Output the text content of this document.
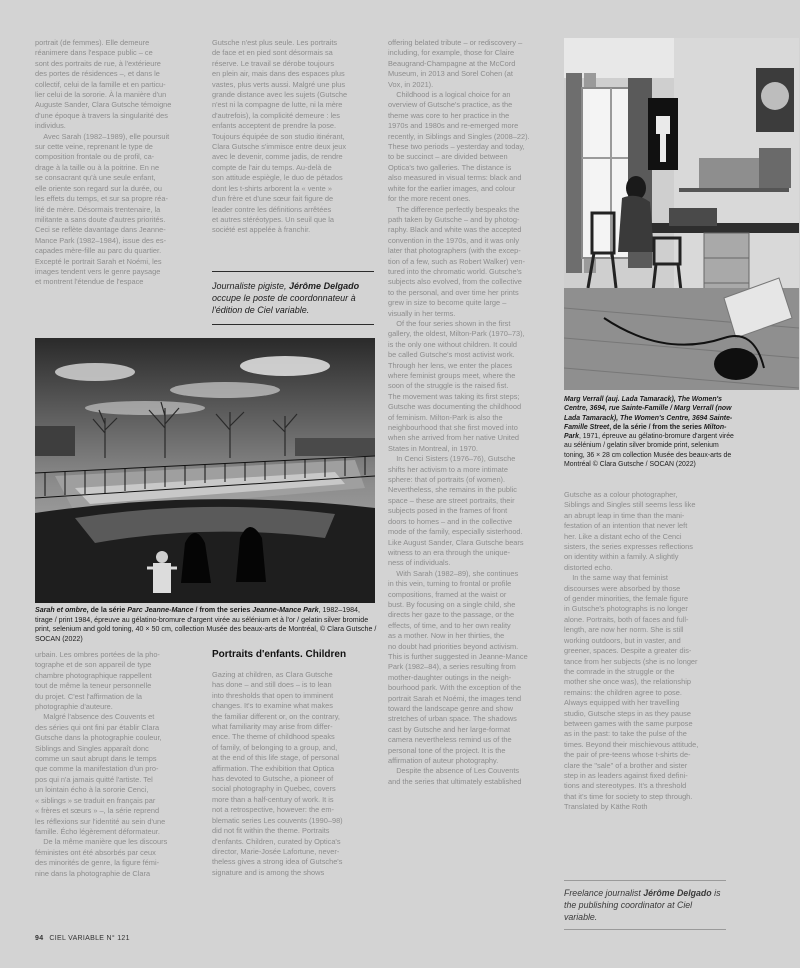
portrait (de femmes). Elle demeure
réanimere dans l'espace public – ce
sont des portraits de rue, à l'extérieure
des portes de résidences –, et dans le
collectif, celui de la famille et en particu-
lier celui de la sororie. À la manière d'un
Auguste Sander, Clara Gutsche témoigne
d'une époque à travers la singularité des
individus.
Avec Sarah (1982–1989), elle poursuit
sur cette veine, reprenant le type de
composition frontale ou de profil, ca-
drage à la taille ou à la poitrine. En ne
se consacrant qu'à une seule enfant,
elle oriente son regard sur la durée, ou
les effets du temps, et sur sa propre réa-
lité de mère. Désormais trentenaire, la
militante a sans doute d'autres priorités.
Ceci se reflète davantage dans Jeanne-
Mance Park (1982–1984), issue des es-
capades mère-fille au parc du quartier.
Excepté le portrait Sarah et Noémi, les
images tendent vers le genre paysage
et montrent l'étendue de l'espace

Gutsche n'est plus seule. Les portraits
de face et en pied sont désormais sa
réserve. Le travail se dérobe toujours
en plein air, mais dans des espaces plus
vastes, plus verts aussi. Malgré une plus
grande distance avec les sujets (Gutsche
n'est ni la compagne de lutte, ni la mère
d'autrefois), la complicité demeure : les
enfants acceptent de prendre la pose.
Toujours équipée de son studio itinérant,
Clara Gutsche s'immisce entre deux jeux
avec le devenir, comme jadis, de rendre
compte de l'air du temps. Au-delà de
son attitude espiègle, le duo de pétados
dont les t-shirts arborent la « vente »
d'un frère et d'une sœur fait figure de
leader contre les définitions arrêtées
et autres stéréotypes. Un seuil que la
société est appelée à franchir.

Journaliste pigiste, Jérôme Delgado occupe le poste de coordonnateur à l'édition de Ciel variable.

offering belated tribute – or rediscovery –
including, for example, those for Claire
Beaugrand-Champagne at the McCord
Museum, in 2013 and Sorel Cohen (at
Vox, in 2021).
Childhood is a logical choice for an
overview of Gutsche's practice, as the
theme was core to her practice in the
1970s and 1980s and re-emerged more
recently, in Siblings and Singles (2008–22).
These two periods – yesterday and today,
to be succinct – are divided between
Optica's two galleries. The distance is
also measured in visual terms: black and
white for the earlier images, and colour
for the more recent ones.
The difference perfectly bespeaks the
path taken by Gutsche – and by photog-
raphy. Black and white was the accepted
convention in the 1970s, and it was only
later that photographers (with the excep-
tion of a few, such as Robert Walker) ven-
tured into the chromatic world. Gutsche's
subjects also evolved, from the collective
to the personal, and over time her prints
grew in size to become quite large –
visually in her terms.
Of the four series shown in the first
gallery, the oldest, Milton-Park (1970–73),
is the only one without children. It could
be called Gutsche's most activist work.
Through her lens, we enter the places
where feminist groups meet, where the
soon of the struggle is the raised fist.
The movement was taking its first steps;
Gutsche was documenting the childhood
of feminism. Milton-Park is also the
neighbourhood that she first moved into
when she arrived from her native United
States in Montreal, in 1970.
In Cenci Sisters (1976–76), Gutsche
shifts her activism to a more intimate
sphere: that of portraits (of women).
Nevertheless, she remains in the public
space – these are street portraits, their
subjects posed in the frames of front
doors to homes – and in the collective
mode of the family, especially sisterhood.
Like August Sander, Clara Gutsche bears
witness to an era through the unique-
ness of individuals.
With Sarah (1982–89), she continues
in this vein, turning to frontal or profile
compositions, framed at the waist or
bust. By focusing on a single child, she
directs her gaze to the passage, or the
effects, of time, and to her own reality
as a mother. Now in her thirties, the
no doubt had priorities beyond activism.
This is further suggested in Jeanne-Mance
Park (1982–84), a series resulting from
mother-daughter outings in the neigh-
bourhood park. With the exception of the
portrait Sarah et Noémi, the images tend
toward the landscape genre and show
stretches of urban space. The shadows
cast by Gutsche and her large-format
camera nevertheless remind us of the
personal tone of the project. It is the
affirmation of auteur photography.
Despite the absence of Les Couvents
and the series that ultimately established

Marg Verrall (auj. Lada Tamarack), The Women's Centre, 3694, rue Sainte-Famille / Marg Verrall (now Lada Tamarack), The Women's Centre, 3694 Sainte-Famille Street, de la série / from the series Milton-Park, 1971, épreuve au gélatino-bromure d'argent virée au sélénium / gelatin silver bromide print, selenium toning, 36 × 28 cm collection Musée des beaux-arts de Montréal © Clara Gutsche / SOCAN (2022)
Sarah et ombre, de la série Parc Jeanne-Mance / from the series Jeanne-Mance Park, 1982–1984, tirage / print 1984, épreuve au gélatino-bromure d'argent virée au sélénium et à l'or / gelatin silver bromide print, selenium and gold toning, 40 × 50 cm, collection Musée des beaux-arts de Montréal, © Clara Gutsche / SOCAN (2022)

urbain. Les ombres portées de la pho-
tographe et de son appareil de type
chambre photographique rappellent
tout de même la teneur personnelle
du projet. C'est l'affirmation de la
photographie d'auteure.
Malgré l'absence des Couvents et
des séries qui ont fini par établir Clara
Gutsche dans la photographie couleur,
Siblings and Singles apparaît donc
comme un saut abrupt dans le temps
que comme la manifestation d'un pro-
pos qui n'a jamais quitté l'artiste. Tel
un lointain écho à la sororie Cenci,
« siblings » se traduit en français par
« frères et sœurs » –, la série reprend
les réflexions sur l'identité au sein d'une
famille. Écho légèrement déformateur.
De la même manière que les discours
féministes ont été absorbés par ceux
des minorités de genre, la figure fémi-
nine dans la photographie de Clara

Portraits d'enfants. Children

Gazing at children, as Clara Gutsche
has done – and still does – is to lean
into thresholds that open to imminent
changes. It's to examine what makes
the familiar different or, on the contrary,
what familiarity may arise from differ-
ence. The theme of childhood speaks
of family, of belonging to a group, and,
at the end of this life stage, of personal
affirmation. The exhibition that Optica
has devoted to Gutsche, a pioneer of
social photography in Quebec, covers
more than a half-century of work. It is
not a retrospective, however: the em-
blematic series Les couvents (1990–98)
did not fit within the theme. Portraits
d'enfants. Children, curated by Optica's
director, Marie-Josée Lafortune, never-
theless gives a strong idea of Gutsche's
signature and is among the shows

Gutsche as a colour photographer,
Siblings and Singles still seems less like
an abrupt leap in time than the mani-
festation of an intention that never left
her. Like a distant echo of the Cenci
sisters, the series expresses reflections
on identity within a family. A slightly
distorted echo.
In the same way that feminist
discourses were absorbed by those
of gender minorities, the female figure
in Gutsche's photographs is no longer
alone. Portraits, both of faces and full-
length, are now her norm. She is still
working outdoors, but in vaster, and
greener, spaces. Despite a greater dis-
tance from her subjects (she is no longer
the comrade in the struggle or the
mother she once was), the relationship
remains: the children agree to pose.
Always equipped with her travelling
studio, Gutsche steps in as they pause
between games with the same purpose
as in the past: to take the pulse of the
times. Beyond their mischievous attitude,
the pair of pre-teens whose t-shirts de-
clare the "sale" of a brother and sister
step in as leaders against fixed defini-
tions and stereotypes. It's a threshold
that it's time for society to step through.
Translated by Käthe Roth

Freelance journalist Jérôme Delgado is the publishing coordinator at Ciel variable.
94 CIEL VARIABLE N° 121
